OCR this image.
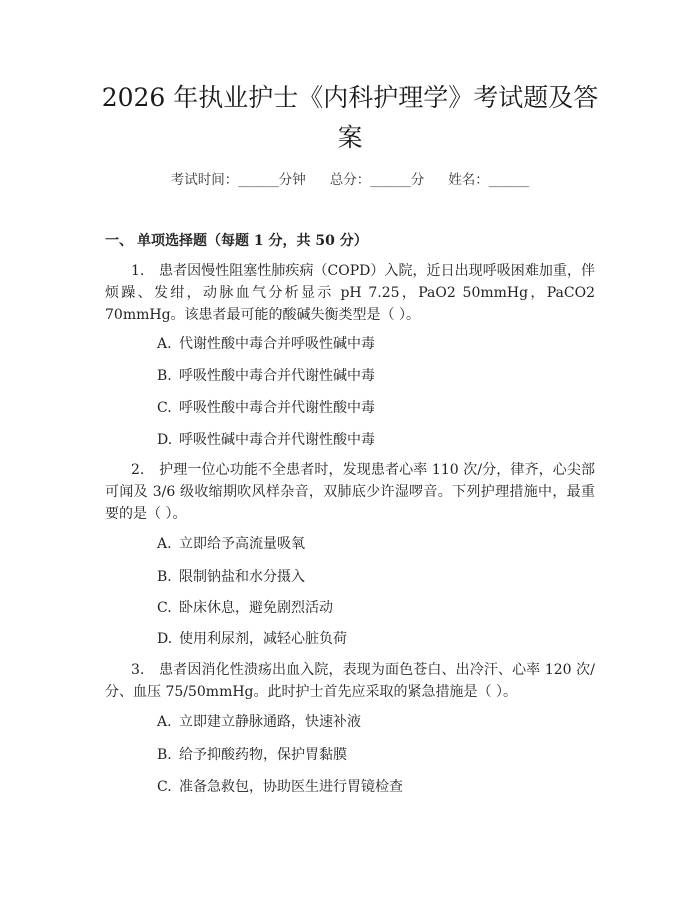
2026 年执业护士《内科护理学》考试题及答案
考试时间：______分钟 总分：______分 姓名：______
一、 单项选择题（每题 1 分，共 50 分）
1. 患者因慢性阻塞性肺疾病（COPD）入院，近日出现呼吸困难加重，伴烦躁、发绀，动脉血气分析显示 pH 7.25，PaO2 50mmHg，PaCO2 70mmHg。该患者最可能的酸碱失衡类型是（ ）。
A. 代谢性酸中毒合并呼吸性碱中毒
B. 呼吸性酸中毒合并代谢性碱中毒
C. 呼吸性酸中毒合并代谢性酸中毒
D. 呼吸性碱中毒合并代谢性酸中毒
2. 护理一位心功能不全患者时，发现患者心率 110 次/分，律齐，心尖部可闻及 3/6 级收缩期吹风样杂音，双肺底少许湿啰音。下列护理措施中，最重要的是（ ）。
A. 立即给予高流量吸氧
B. 限制钠盐和水分摄入
C. 卧床休息，避免剧烈活动
D. 使用利尿剂，减轻心脏负荷
3. 患者因消化性溃疡出血入院，表现为面色苍白、出冷汗、心率 120 次/分、血压 75/50mmHg。此时护士首先应采取的紧急措施是（ ）。
A. 立即建立静脉通路，快速补液
B. 给予抑酸药物，保护胃黏膜
C. 准备急救包，协助医生进行胃镜检查
